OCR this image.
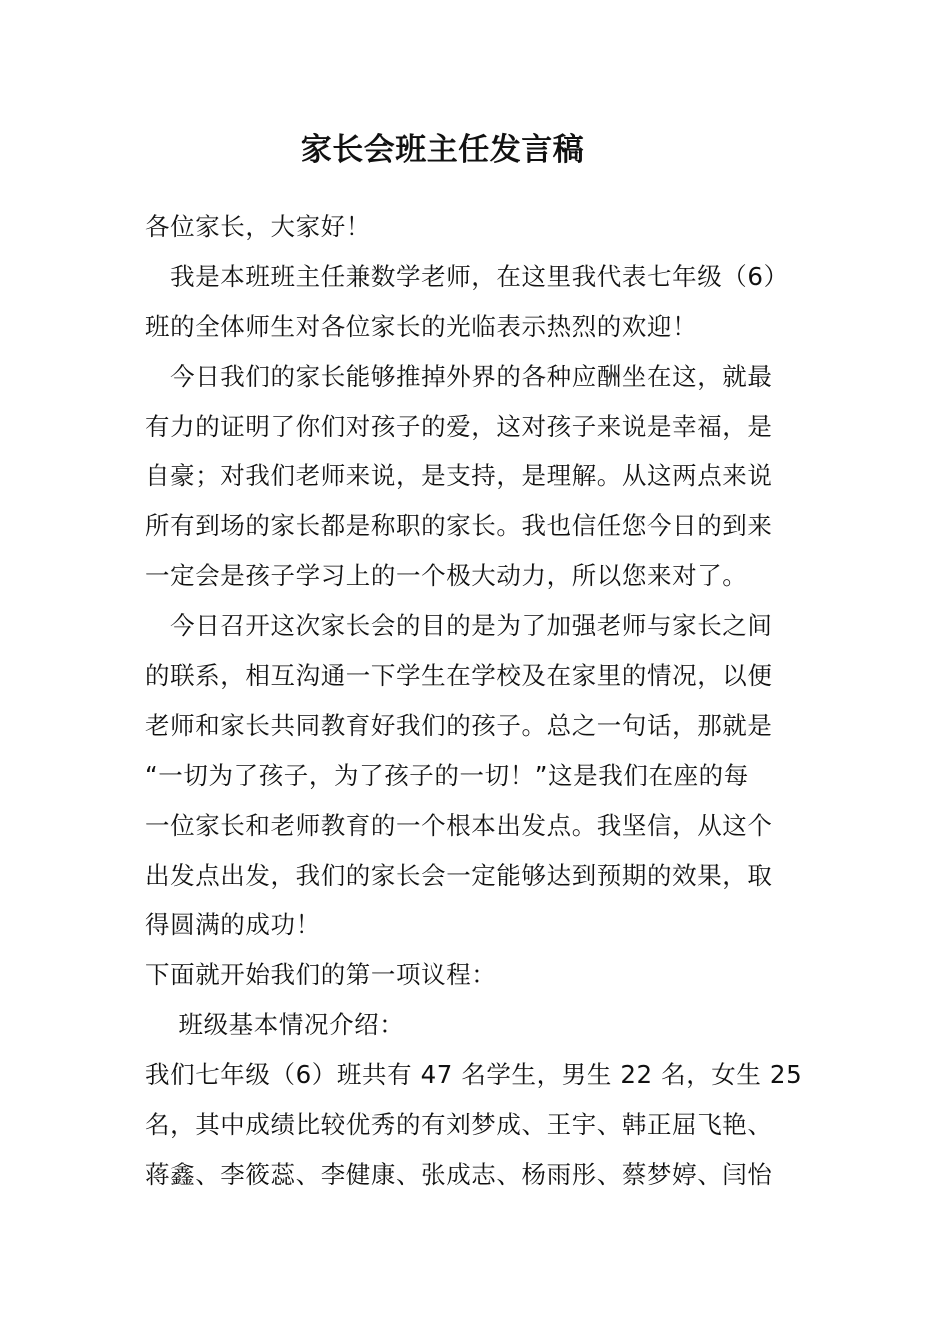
家长会班主任发言稿
各位家长，大家好！
　我是本班班主任兼数学老师，在这里我代表七年级（6）
班的全体师生对各位家长的光临表示热烈的欢迎！
　今日我们的家长能够推掉外界的各种应酬坐在这，就最
有力的证明了你们对孩子的爱，这对孩子来说是幸福，是
自豪；对我们老师来说，是支持，是理解。从这两点来说
所有到场的家长都是称职的家长。我也信任您今日的到来
一定会是孩子学习上的一个极大动力，所以您来对了。
　今日召开这次家长会的目的是为了加强老师与家长之间
的联系，相互沟通一下学生在学校及在家里的情况，以便
老师和家长共同教育好我们的孩子。总之一句话，那就是
“一切为了孩子，为了孩子的一切！”这是我们在座的每
一位家长和老师教育的一个根本出发点。我坚信，从这个
出发点出发，我们的家长会一定能够达到预期的效果，取
得圆满的成功！
下面就开始我们的第一项议程：
　 班级基本情况介绍：
我们七年级（6）班共有 47 名学生，男生 22 名，女生 25
名，其中成绩比较优秀的有刘梦成、王宇、韩正屈飞艳、
蒋鑫、李筱蕊、李健康、张成志、杨雨彤、蔡梦婷、闫怡
